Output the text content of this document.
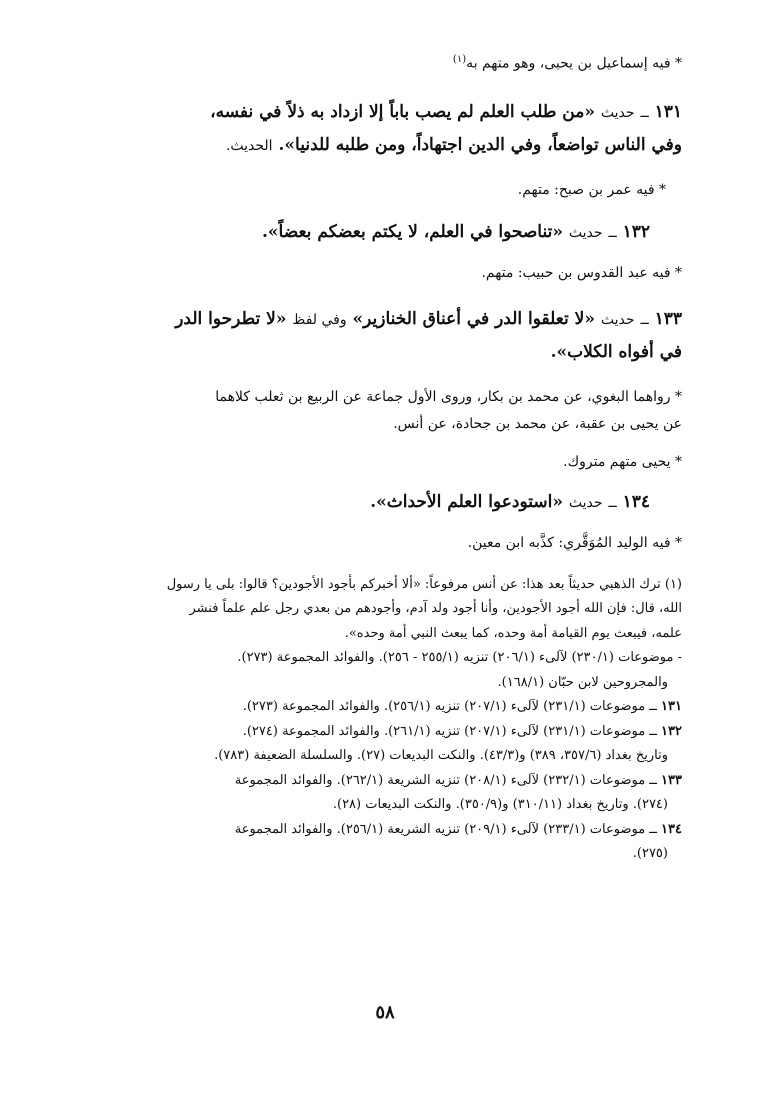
* فيه إسماعيل بن يحيى، وهو متهم به$^{(١)}$
١٣١ ــ حديث «من طلب العلم لم يصب باباً إلا ازداد به ذلاً في نفسه،
وفي الناس تواضعاً، وفي الدين اجتهاداً، ومن طلبه للدنيا». الحديث.
* فيه عمر بن صبح: متهم.
١٣٢ ــ حديث «تناصحوا في العلم، لا يكتم بعضكم بعضاً».
* فيه عبد القدوس بن حبيب: متهم.
١٣٣ ــ حديث «لا تعلقوا الدر في أعناق الخنازير» وفي لفظ «لا تطرحوا الدر
في أفواه الكلاب».
* رواهما البغوي، عن محمد بن بكار، وروى الأول جماعة عن الربيع بن ثعلب كلاهما
عن يحيى بن عقبة، عن محمد بن جحادة، عن أنس.
* يحيى متهم متروك.
١٣٤ ــ حديث «استودعوا العلم الأحداث».
* فيه الوليد المُوَقَّري: كذَّبه ابن معين.
(١) ترك الذهبي حديثاً بعد هذا: عن أنس مرفوعاً: «ألا أخبركم بأجود الأجودين؟ قالوا: بلى يا رسول
الله، قال: فإن الله أجود الأجودين، وأنا أجود ولد آدم، وأجودهم من بعدي رجل علم علماً فنشر
علمه، فيبعث يوم القيامة أمة وحده، كما يبعث النبي أمة وحده».
- موضوعات (٢٣٠/١) لآلىء (٢٠٦/١) تنزيه (٢٥٥/١ - ٢٥٦). والفوائد المجموعة (٢٧٣).
والمجروحين لابن حبّان (١٦٨/١).
١٣١ ــ موضوعات (٢٣١/١) لآلىء (٢٠٧/١) تنزيه (٢٥٦/١). والفوائد المجموعة (٢٧٣).
١٣٢ ــ موضوعات (٢٣١/١) لآلىء (٢٠٧/١) تنزيه (٢٦١/١). والفوائد المجموعة (٢٧٤).
وتاريخ بغداد (٣٥٧/٦، ٣٨٩) و(٤٣/٣). والنكت البديعات (٢٧). والسلسلة الضعيفة (٧٨٣).
١٣٣ ــ موضوعات (٢٣٢/١) لآلىء (٢٠٨/١) تنزيه الشريعة (٢٦٢/١). والفوائد المجموعة
(٢٧٤). وتاريخ بغداد (٣١٠/١١) و(٣٥٠/٩). والنكت البديعات (٢٨).
١٣٤ ــ موضوعات (٢٣٣/١) لآلىء (٢٠٩/١) تنزيه الشريعة (٢٥٦/١). والفوائد المجموعة
(٢٧٥).
٥٨
